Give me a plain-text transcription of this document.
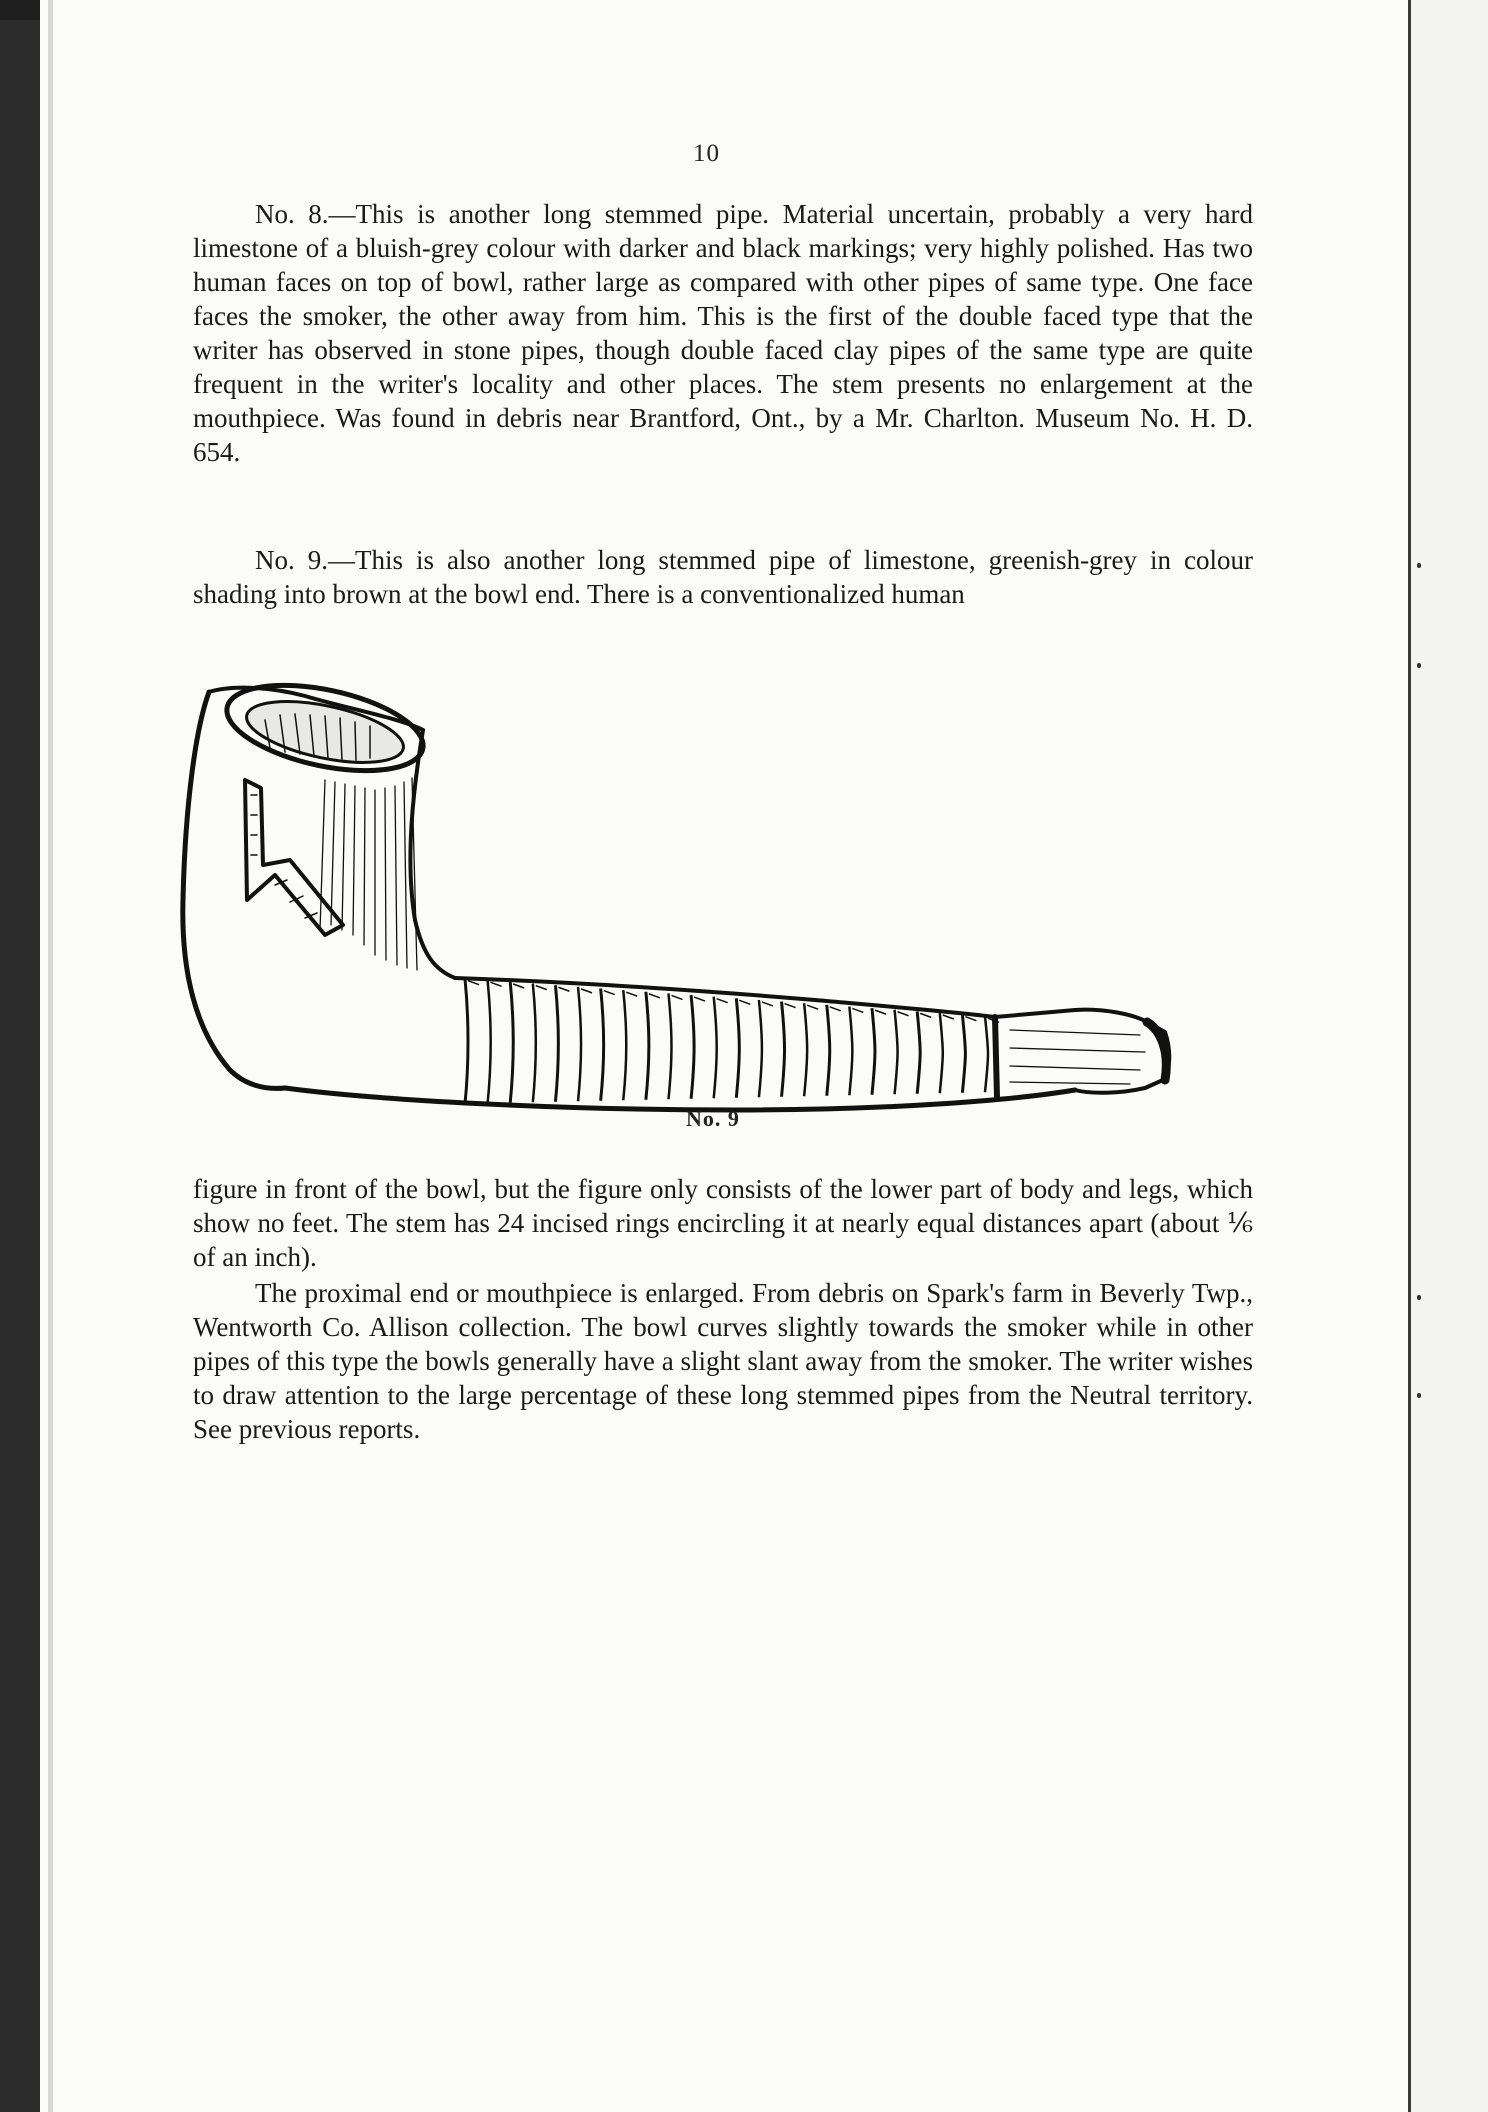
10

No. 8.—This is another long stemmed pipe. Material uncertain, probably a very hard limestone of a bluish-grey colour with darker and black markings; very highly polished. Has two human faces on top of bowl, rather large as compared with other pipes of same type. One face faces the smoker, the other away from him. This is the first of the double faced type that the writer has observed in stone pipes, though double faced clay pipes of the same type are quite frequent in the writer's locality and other places. The stem presents no enlargement at the mouthpiece. Was found in debris near Brantford, Ont., by a Mr. Charlton. Museum No. H. D. 654.

No. 9.—This is also another long stemmed pipe of limestone, greenish-grey in colour shading into brown at the bowl end. There is a conventionalized human

No. 9

figure in front of the bowl, but the figure only consists of the lower part of body and legs, which show no feet. The stem has 24 incised rings encircling it at nearly equal distances apart (about ⅙ of an inch).

The proximal end or mouthpiece is enlarged. From debris on Spark's farm in Beverly Twp., Wentworth Co. Allison collection. The bowl curves slightly towards the smoker while in other pipes of this type the bowls generally have a slight slant away from the smoker. The writer wishes to draw attention to the large percentage of these long stemmed pipes from the Neutral territory. See previous reports.
